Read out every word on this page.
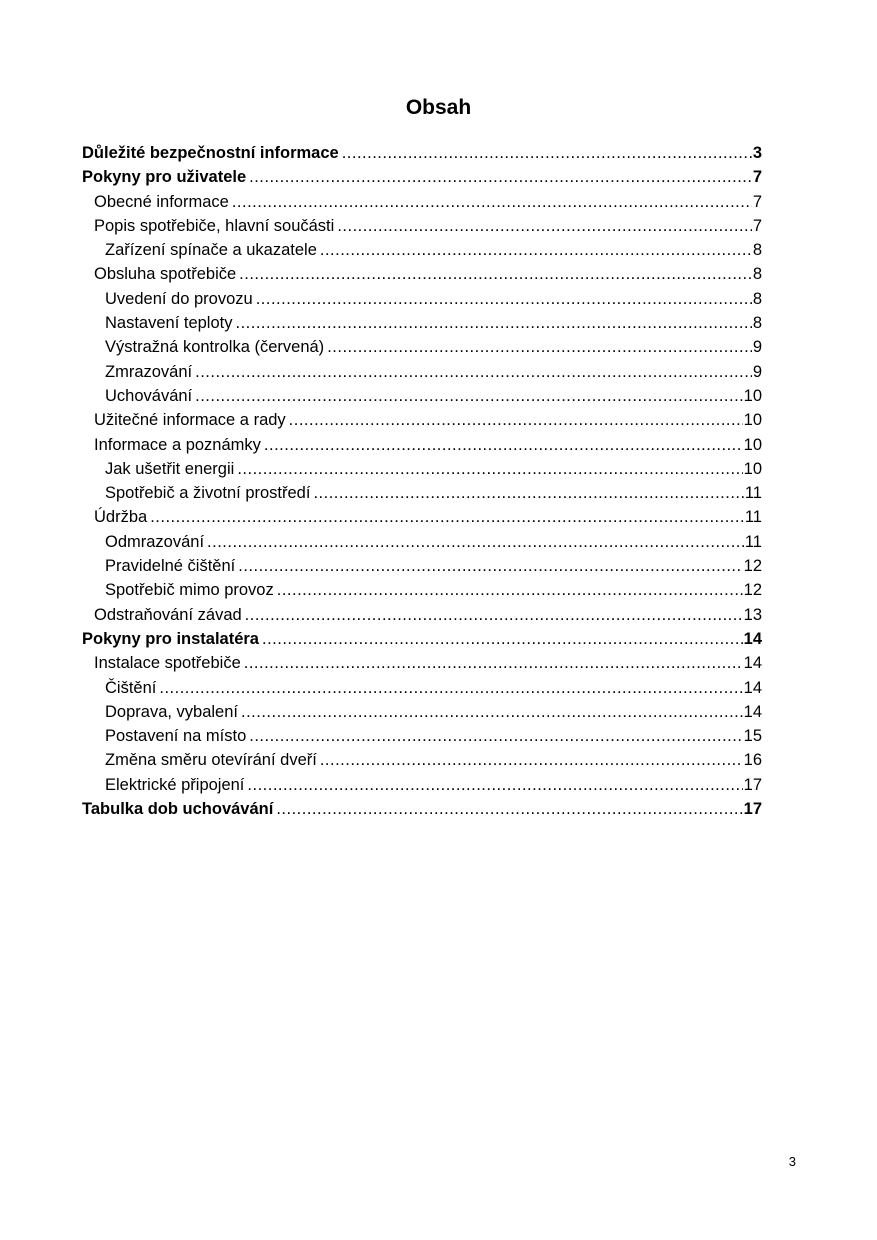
Obsah
Důležité bezpečnostní informace .....	3
Pokyny pro uživatele .....	7
Obecné informace .....	7
Popis spotřebiče, hlavní součásti .....	7
Zařízení spínače a ukazatele .....	8
Obsluha spotřebiče .....	8
Uvedení do provozu .....	8
Nastavení teploty .....	8
Výstražná kontrolka (červená) .....	9
Zmrazování .....	9
Uchovávání .....	10
Užitečné informace a rady .....	10
Informace a poznámky .....	10
Jak ušetřit energii .....	10
Spotřebič a životní prostředí .....	11
Údržba .....	11
Odmrazování .....	11
Pravidelné čištění .....	12
Spotřebič mimo provoz .....	12
Odstraňování závad .....	13
Pokyny pro instalatéra .....	14
Instalace spotřebiče .....	14
Čištění .....	14
Doprava, vybalení .....	14
Postavení na místo .....	15
Změna směru otevírání dveří .....	16
Elektrické připojení .....	17
Tabulka dob uchovávání .....	17
3
